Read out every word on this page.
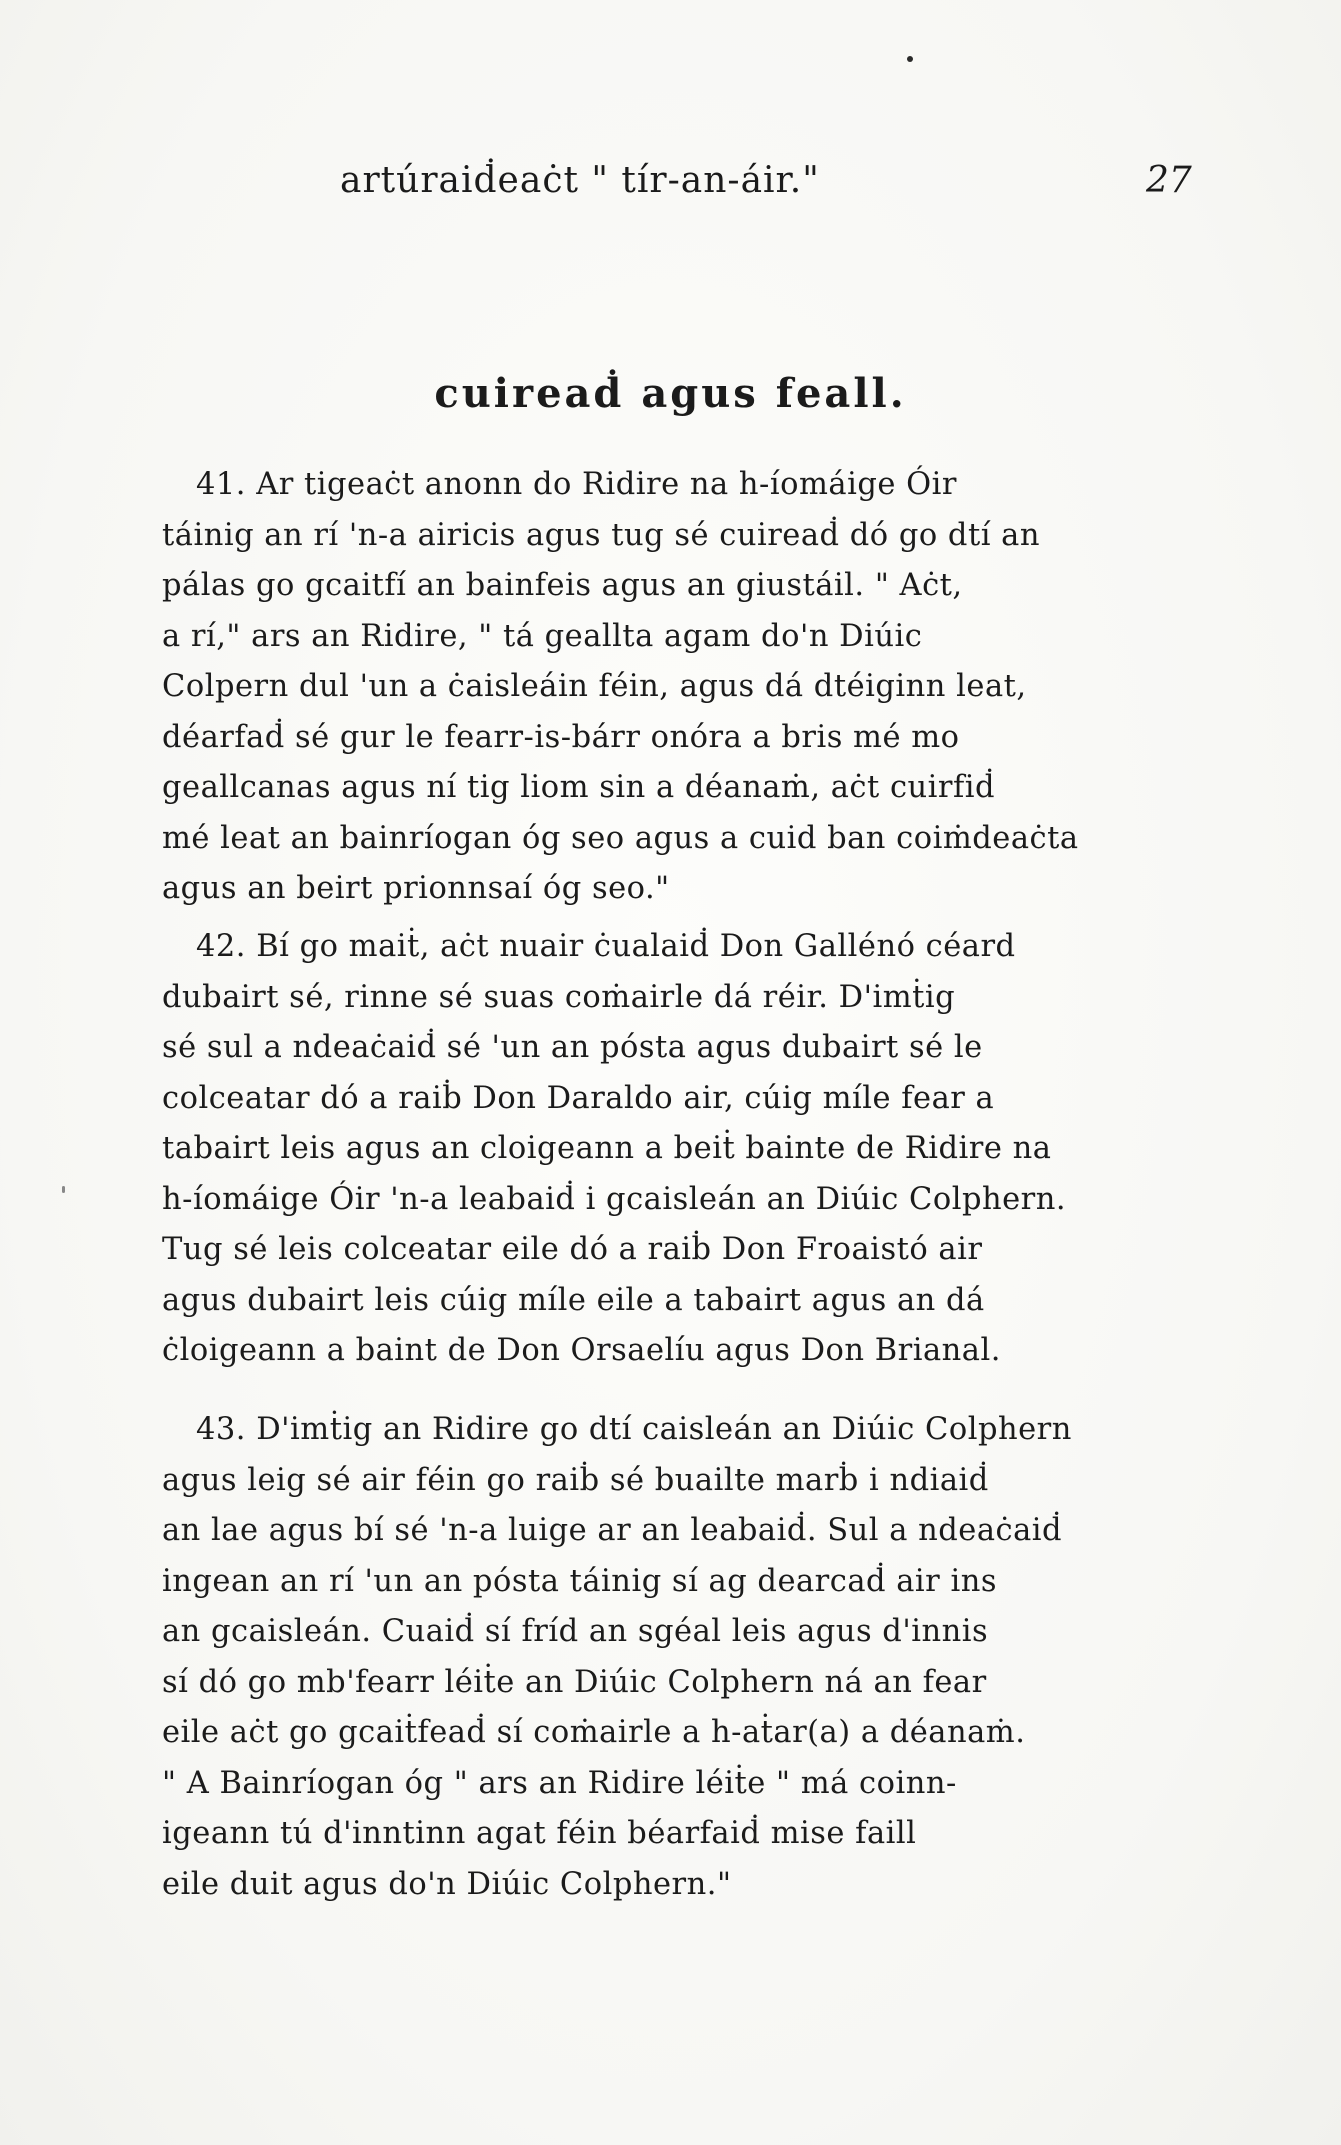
artúraiḋeaċt " tír-an-áir."	27
cuireaḋ agus feall.
41. Ar tigeaċt anonn do Ridire na h-íomáige Óir
táinig an rí 'n-a airicis agus tug sé cuireaḋ dó go dtí an
pálas go gcaitfí an bainfeis agus an giustáil. " Aċt,
a rí," ars an Ridire, " tá geallta agam do'n Diúic
Colpern dul 'un a ċaisleáin féin, agus dá dtéiginn leat,
déarfaḋ sé gur le fearr-is-bárr onóra a bris mé mo
geallcanas agus ní tig liom sin a déanaṁ, aċt cuirfiḋ
mé leat an bainríogan óg seo agus a cuid ban coiṁdeaċta
agus an beirt prionnsaí óg seo."
42. Bí go maiṫ, aċt nuair ċualaiḋ Don Gallénó céard
dubairt sé, rinne sé suas coṁairle dá réir. D'imṫig
sé sul a ndeaċaiḋ sé 'un an pósta agus dubairt sé le
colceatar dó a raiḃ Don Daraldo air, cúig míle fear a
tabairt leis agus an cloigeann a beiṫ bainte de Ridire na
h-íomáige Óir 'n-a leabaiḋ i gcaisleán an Diúic Colphern.
Tug sé leis colceatar eile dó a raiḃ Don Froaistó air
agus dubairt leis cúig míle eile a tabairt agus an dá
ċloigeann a baint de Don Orsaelíu agus Don Brianal.
43. D'imṫig an Ridire go dtí caisleán an Diúic Colphern
agus leig sé air féin go raiḃ sé buailte marḃ i ndiaiḋ
an lae agus bí sé 'n-a luige ar an leabaiḋ. Sul a ndeaċaiḋ
ingean an rí 'un an pósta táinig sí ag dearcaḋ air ins
an gcaisleán. Cuaiḋ sí fríd an sgéal leis agus d'innis
sí dó go mb'fearr léiṫe an Diúic Colphern ná an fear
eile aċt go gcaiṫfeaḋ sí coṁairle a h-aṫar(a) a déanaṁ.
" A Bainríogan óg " ars an Ridire léiṫe " má coinn-
igeann tú d'inntinn agat féin béarfaiḋ mise faill
eile duit agus do'n Diúic Colphern."
